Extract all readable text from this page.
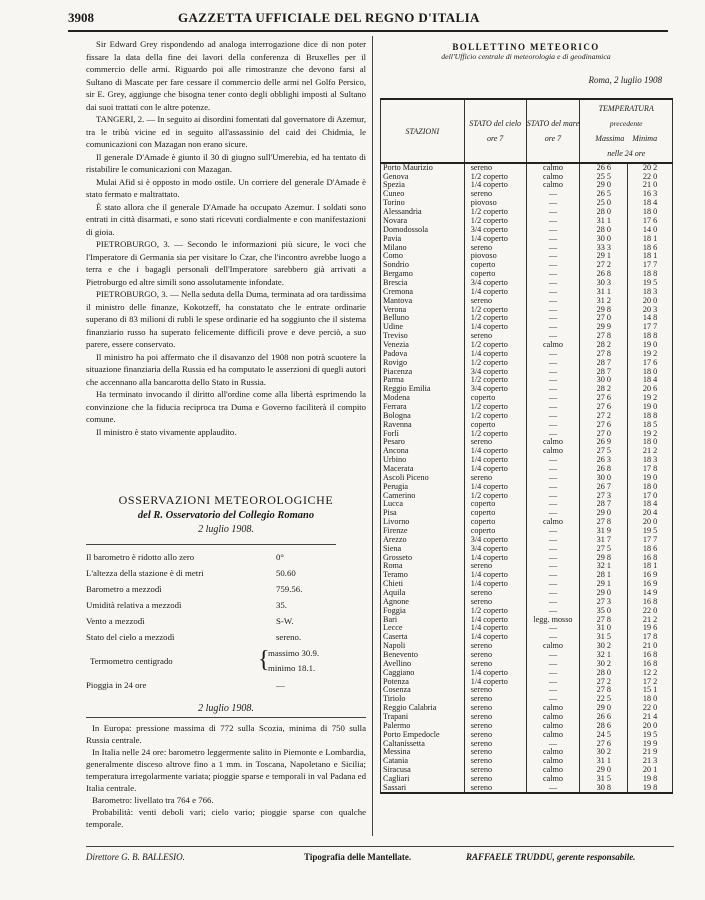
3908	GAZZETTA UFFICIALE DEL REGNO D'ITALIA

Sir Edward Grey rispondendo ad analoga interrogazione dice di non poter fissare la data della fine dei lavori della conferenza di Bruxelles per il commercio delle armi. Riguardo poi alle rimostranze che devono farsi al Sultano di Mascate per fare cessare il commercio delle armi nel Golfo Persico, sir E. Grey, aggiunge che bisogna tener conto degli obblighi imposti al Sultano dai suoi trattati con le altre potenze.

TANGERI, 2. — In seguito ai disordini fomentati dal governatore di Azemur, tra le tribù vicine ed in seguito all'assassinio del caid dei Chidmia, le comunicazioni con Mazagan non erano sicure.

Il generale D'Amade è giunto il 30 di giugno sull'Umerebia, ed ha tentato di ristabilire le comunicazioni con Mazagan.

Mulai Afid si è opposto in modo ostile. Un corriere del generale D'Amade è stato fermato e maltrattato.

È stato allora che il generale D'Amade ha occupato Azemur. I soldati sono entrati in città disarmati, e sono stati ricevuti cordialmente e con manifestazioni di gioia.

PIETROBURGO, 3. — Secondo le informazioni più sicure, le voci che l'Imperatore di Germania sia per visitare lo Czar, che l'incontro avrebbe luogo a terra e che i bagagli personali dell'Imperatore sarebbero già arrivati a Pietroburgo ed altre simili sono assolutamente infondate.

PIETROBURGO, 3. — Nella seduta della Duma, terminata ad ora tardissima il ministro delle finanze, Kokotzeff, ha constatato che le entrate ordinarie superano di 83 milioni di rubli le spese ordinarie ed ha soggiunto che il sistema finanziario russo ha superato felicemente difficili prove e deve perciò, a suo parere, essere conservato.

Il ministro ha poi affermato che il disavanzo del 1908 non potrà scuotere la situazione finanziaria della Russia ed ha computato le asserzioni di quegli autori che accennano alla bancarotta dello Stato in Russia.

Ha terminato invocando il diritto all'ordine come alla libertà esprimendo la convinzione che la fiducia reciproca tra Duma e Governo faciliterà il compito comune.

Il ministro è stato vivamente applaudito.

OSSERVAZIONI METEOROLOGICHE
del R. Osservatorio del Collegio Romano
2 luglio 1908.
Il barometro è ridotto allo zero	0°
L'altezza della stazione è di metri	50.60
Barometro a mezzodì	759.56.
Umidità relativa a mezzodì	35.
Vento a mezzodì	S-W.
Stato del cielo a mezzodì	sereno.
Termometro centigrado	{
massimo 30.9.
minimo 18.1.
Pioggia in 24 ore	—
2 luglio 1908.

In Europa: pressione massima di 772 sulla Scozia, minima di 750 sulla Russia centrale.

In Italia nelle 24 ore: barometro leggermente salito in Piemonte e Lombardia, generalmente disceso altrove fino a 1 mm. in Toscana, Napoletano e Sicilia; temperatura irregolarmente variata; pioggie sparse e temporali in val Padana ed Italia centrale.

Barometro: livellato tra 764 e 766.

Probabilità: venti deboli vari; cielo vario; pioggie sparse con qualche temporale.

BOLLETTINO METEORICO
dell'Ufficio centrale di meteorologia e di geodinamica
Roma, 2 luglio 1908
STAZIONI	STATO del cielo ore 7	STATO del mare ore 7	TEMPERATURA
precedente
Massima Minima
nelle 24 ore	

Porto Maurizio	sereno	calmo	26 6	20 2
Genova	1/2 coperto	calmo	25 5	22 0
Spezia	1/4 coperto	calmo	29 0	21 0
Cuneo	sereno	—	26 5	16 3
Torino	piovoso	—	25 0	18 4
Alessandria	1/2 coperto	—	28 0	18 0
Novara	1/2 coperto	—	31 1	17 6
Domodossola	3/4 coperto	—	28 0	14 0
Pavia	1/4 coperto	—	30 0	18 1
Milano	sereno	—	33 3	18 6
Como	piovoso	—	29 1	18 1
Sondrio	coperto	—	27 2	17 7
Bergamo	coperto	—	26 8	18 8
Brescia	3/4 coperto	—	30 3	19 5
Cremona	1/4 coperto	—	31 1	18 3
Mantova	sereno	—	31 2	20 0
Verona	1/2 coperto	—	29 8	20 3
Belluno	1/2 coperto	—	27 0	14 8
Udine	1/4 coperto	—	29 9	17 7
Treviso	sereno	—	27 8	18 8
Venezia	1/2 coperto	calmo	28 2	19 0
Padova	1/4 coperto	—	27 8	19 2
Rovigo	1/2 coperto	—	28 7	17 6
Piacenza	3/4 coperto	—	28 7	18 0
Parma	1/2 coperto	—	30 0	18 4
Reggio Emilia	3/4 coperto	—	28 2	20 6
Modena	coperto	—	27 6	19 2
Ferrara	1/2 coperto	—	27 6	19 0
Bologna	1/2 coperto	—	27 2	18 8
Ravenna	coperto	—	27 6	18 5
Forlì	1/2 coperto	—	27 0	19 2
Pesaro	sereno	calmo	26 9	18 0
Ancona	1/4 coperto	calmo	27 5	21 2
Urbino	1/4 coperto	—	26 3	18 3
Macerata	1/4 coperto	—	26 8	17 8
Ascoli Piceno	sereno	—	30 0	19 0
Perugia	1/4 coperto	—	26 7	18 0
Camerino	1/2 coperto	—	27 3	17 0
Lucca	coperto	—	28 7	18 4
Pisa	coperto	—	29 0	20 4
Livorno	coperto	calmo	27 8	20 0
Firenze	coperto	—	31 9	19 5
Arezzo	3/4 coperto	—	31 7	17 7
Siena	3/4 coperto	—	27 5	18 6
Grosseto	1/4 coperto	—	29 8	16 8
Roma	sereno	—	32 1	18 1
Teramo	1/4 coperto	—	28 1	16 9
Chieti	1/4 coperto	—	29 1	16 9
Aquila	sereno	—	29 0	14 9
Agnone	sereno	—	27 3	16 8
Foggia	1/2 coperto	—	35 0	22 0
Bari	1/4 coperto	legg. mosso	27 8	21 2
Lecce	1/4 coperto	—	31 0	19 6
Caserta	1/4 coperto	—	31 5	17 8
Napoli	sereno	calmo	30 2	21 0
Benevento	sereno	—	32 1	16 8
Avellino	sereno	—	30 2	16 8
Caggiano	1/4 coperto	—	28 0	12 2
Potenza	1/4 coperto	—	27 2	17 2
Cosenza	sereno	—	27 8	15 1
Tiriolo	sereno	—	22 5	18 0
Reggio Calabria	sereno	calmo	29 0	22 0
Trapani	sereno	calmo	26 6	21 4
Palermo	sereno	calmo	28 6	20 0
Porto Empedocle	sereno	calmo	24 5	19 5
Caltanissetta	sereno	—	27 6	19 9
Messina	sereno	calmo	30 2	21 9
Catania	sereno	calmo	31 1	21 3
Siracusa	sereno	calmo	29 0	20 1
Cagliari	sereno	calmo	31 5	19 8
Sassari	sereno	—	30 8	19 8
Direttore G. B. BALLESIO.	Tipografia delle Mantellate.	RAFFAELE TRUDDU, gerente responsabile.
